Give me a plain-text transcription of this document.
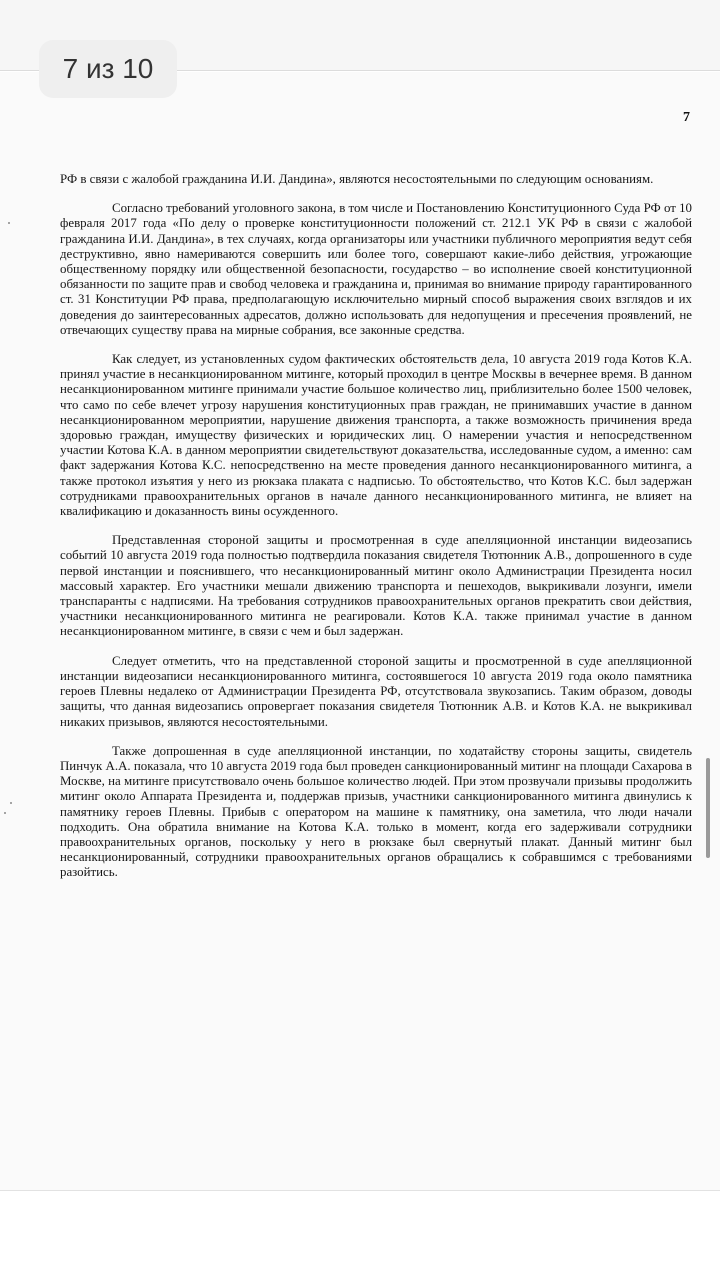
7 из 10
7

РФ в связи с жалобой гражданина И.И. Дандина», являются несостоятельными по следующим основаниям.

Согласно требований уголовного закона, в том числе и Постановлению Конституционного Суда РФ от 10 февраля 2017 года «По делу о проверке конституционности положений ст. 212.1 УК РФ в связи с жалобой гражданина И.И. Дандина», в тех случаях, когда организаторы или участники публичного мероприятия ведут себя деструктивно, явно намериваются совершить или более того, совершают какие-либо действия, угрожающие общественному порядку или общественной безопасности, государство – во исполнение своей конституционной обязанности по защите прав и свобод человека и гражданина и, принимая во внимание природу гарантированного ст. 31 Конституции РФ права, предполагающую исключительно мирный способ выражения своих взглядов и их доведения до заинтересованных адресатов, должно использовать для недопущения и пресечения проявлений, не отвечающих существу права на мирные собрания, все законные средства.

Как следует, из установленных судом фактических обстоятельств дела, 10 августа 2019 года Котов К.А. принял участие в несанкционированном митинге, который проходил в центре Москвы в вечернее время. В данном несанкционированном митинге принимали участие большое количество лиц, приблизительно более 1500 человек, что само по себе влечет угрозу нарушения конституционных прав граждан, не принимавших участие в данном несанкционированном мероприятии, нарушение движения транспорта, а также возможность причинения вреда здоровью граждан, имуществу физических и юридических лиц. О намерении участия и непосредственном участии Котова К.А. в данном мероприятии свидетельствуют доказательства, исследованные судом, а именно: сам факт задержания Котова К.С. непосредственно на месте проведения данного несанкционированного митинга, а также протокол изъятия у него из рюкзака плаката с надписью. То обстоятельство, что Котов К.С. был задержан сотрудниками правоохранительных органов в начале данного несанкционированного митинга, не влияет на квалификацию и доказанность вины осужденного.

Представленная стороной защиты и просмотренная в суде апелляционной инстанции видеозапись событий 10 августа 2019 года полностью подтвердила показания свидетеля Тютюнник А.В., допрошенного в суде первой инстанции и пояснившего, что несанкционированный митинг около Администрации Президента носил массовый характер. Его участники мешали движению транспорта и пешеходов, выкрикивали лозунги, имели транспаранты с надписями. На требования сотрудников правоохранительных органов прекратить свои действия, участники несанкционированного митинга не реагировали. Котов К.А. также принимал участие в данном несанкционированном митинге, в связи с чем и был задержан.

Следует отметить, что на представленной стороной защиты и просмотренной в суде апелляционной инстанции видеозаписи несанкционированного митинга, состоявшегося 10 августа 2019 года около памятника героев Плевны недалеко от Администрации Президента РФ, отсутствовала звукозапись. Таким образом, доводы защиты, что данная видеозапись опровергает показания свидетеля Тютюнник А.В. и Котов К.А. не выкрикивал никаких призывов, являются несостоятельными.

Также допрошенная в суде апелляционной инстанции, по ходатайству стороны защиты, свидетель Пинчук А.А. показала, что 10 августа 2019 года был проведен санкционированный митинг на площади Сахарова в Москве, на митинге присутствовало очень большое количество людей. При этом прозвучали призывы продолжить митинг около Аппарата Президента и, поддержав призыв, участники санкционированного митинга двинулись к памятнику героев Плевны. Прибыв с оператором на машине к памятнику, она заметила, что люди начали подходить. Она обратила внимание на Котова К.А. только в момент, когда его задерживали сотрудники правоохранительных органов, поскольку у него в рюкзаке был свернутый плакат. Данный митинг был несанкционированный, сотрудники правоохранительных органов обращались к собравшимся с требованиями разойтись.
